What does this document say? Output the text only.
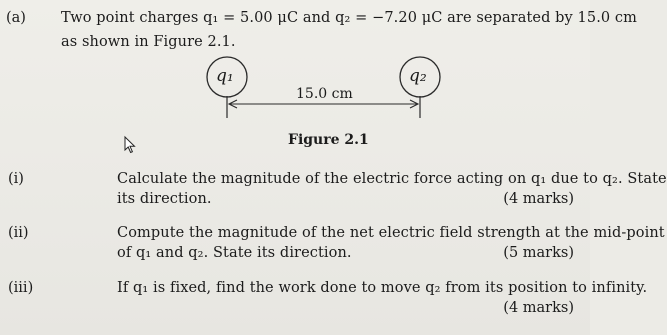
(a) Two point charges q₁ = 5.00 μC and q₂ = −7.20 μC are separated by 15.0 cm
as shown in Figure 2.1.
q₁	q₂
15.0 cm
Figure 2.1
(i)	Calculate the magnitude of the electric force acting on q₁ due to q₂. State
its direction.	(4 marks)
(ii)	Compute the magnitude of the net electric field strength at the mid-point
of q₁ and q₂. State its direction.	(5 marks)
(iii)	If q₁ is fixed, find the work done to move q₂ from its position to infinity.
(4 marks)
